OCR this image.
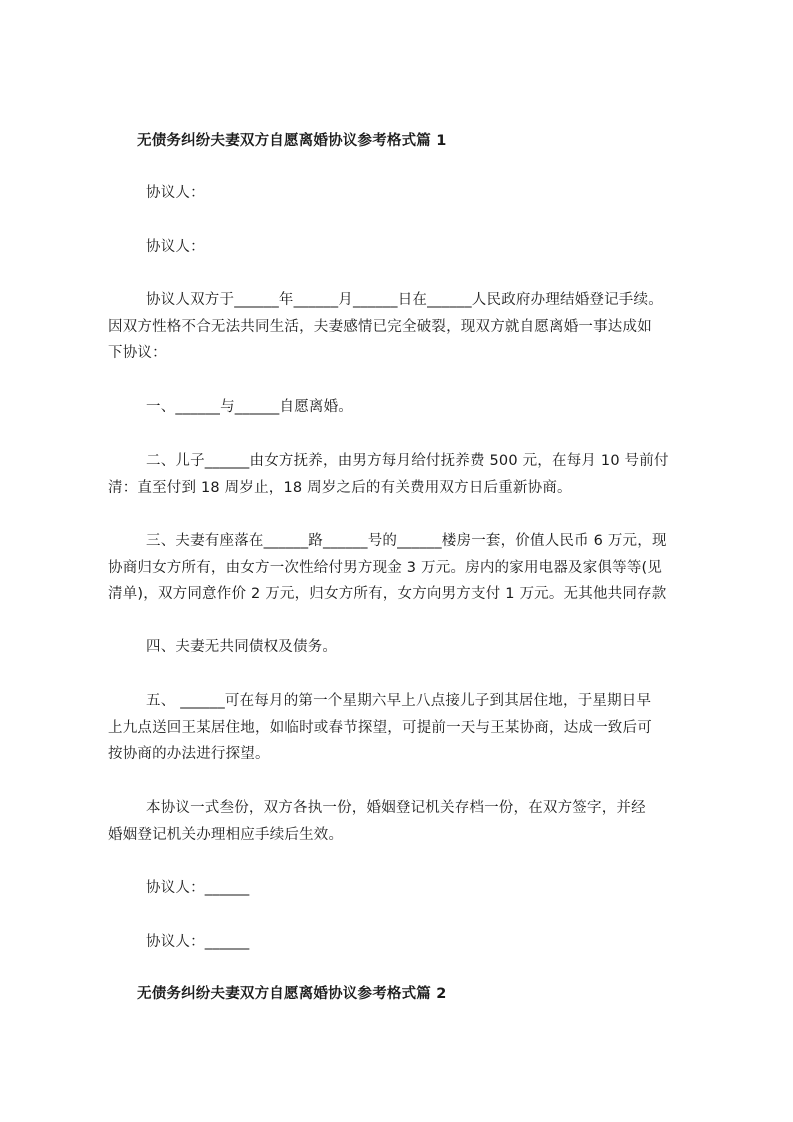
无债务纠纷夫妻双方自愿离婚协议参考格式篇 1
协议人：
协议人：
协议人双方于______年______月______日在______人民政府办理结婚登记手续。
因双方性格不合无法共同生活，夫妻感情已完全破裂，现双方就自愿离婚一事达成如
下协议：
一、______与______自愿离婚。
二、儿子______由女方抚养，由男方每月给付抚养费 500 元，在每月 10 号前付
清：直至付到 18 周岁止，18 周岁之后的有关费用双方日后重新协商。
三、夫妻有座落在______路______号的______楼房一套，价值人民币 6 万元，现
协商归女方所有，由女方一次性给付男方现金 3 万元。房内的家用电器及家俱等等(见
清单)，双方同意作价 2 万元，归女方所有，女方向男方支付 1 万元。无其他共同存款
四、夫妻无共同债权及债务。
五、 ______可在每月的第一个星期六早上八点接儿子到其居住地，于星期日早
上九点送回王某居住地，如临时或春节探望，可提前一天与王某协商，达成一致后可
按协商的办法进行探望。
本协议一式叁份，双方各执一份，婚姻登记机关存档一份，在双方签字，并经
婚姻登记机关办理相应手续后生效。
协议人：______
协议人：______
无债务纠纷夫妻双方自愿离婚协议参考格式篇 2
